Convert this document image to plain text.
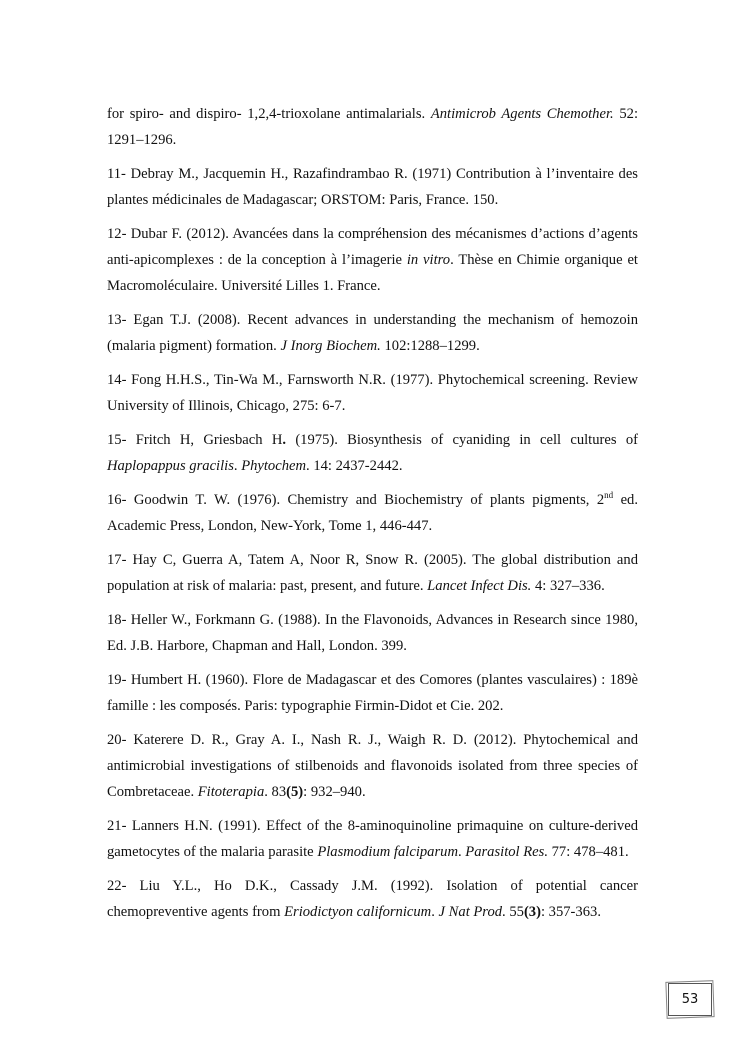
for spiro- and dispiro- 1,2,4-trioxolane antimalarials. Antimicrob Agents Chemother. 52: 1291–1296.

11- Debray M., Jacquemin H., Razafindrambao R. (1971) Contribution à l’inventaire des plantes médicinales de Madagascar; ORSTOM: Paris, France. 150.

12- Dubar F. (2012). Avancées dans la compréhension des mécanismes d’actions d’agents anti-apicomplexes : de la conception à l’imagerie in vitro. Thèse en Chimie organique et Macromoléculaire. Université Lilles 1. France.

13- Egan T.J. (2008). Recent advances in understanding the mechanism of hemozoin (malaria pigment) formation. J Inorg Biochem. 102:1288–1299.

14- Fong H.H.S., Tin-Wa M., Farnsworth N.R. (1977). Phytochemical screening. Review University of Illinois, Chicago, 275: 6-7.

15- Fritch H, Griesbach H. (1975). Biosynthesis of cyaniding in cell cultures of Haplopappus gracilis. Phytochem. 14: 2437-2442.

16- Goodwin T. W. (1976). Chemistry and Biochemistry of plants pigments, 2nd ed. Academic Press, London, New-York, Tome 1, 446-447.

17- Hay C, Guerra A, Tatem A, Noor R, Snow R. (2005). The global distribution and population at risk of malaria: past, present, and future. Lancet Infect Dis. 4: 327–336.

18- Heller W., Forkmann G. (1988). In the Flavonoids, Advances in Research since 1980, Ed. J.B. Harbore, Chapman and Hall, London. 399.

19- Humbert H. (1960). Flore de Madagascar et des Comores (plantes vasculaires) : 189è famille : les composés. Paris: typographie Firmin-Didot et Cie. 202.

20- Katerere D. R., Gray A. I., Nash R. J., Waigh R. D. (2012). Phytochemical and antimicrobial investigations of stilbenoids and flavonoids isolated from three species of Combretaceae. Fitoterapia. 83(5): 932–940.

21- Lanners H.N. (1991). Effect of the 8-aminoquinoline primaquine on culture-derived gametocytes of the malaria parasite Plasmodium falciparum. Parasitol Res. 77: 478–481.

22- Liu Y.L., Ho D.K., Cassady J.M. (1992). Isolation of potential cancer chemopreventive agents from Eriodictyon californicum. J Nat Prod. 55(3): 357-363.

53
